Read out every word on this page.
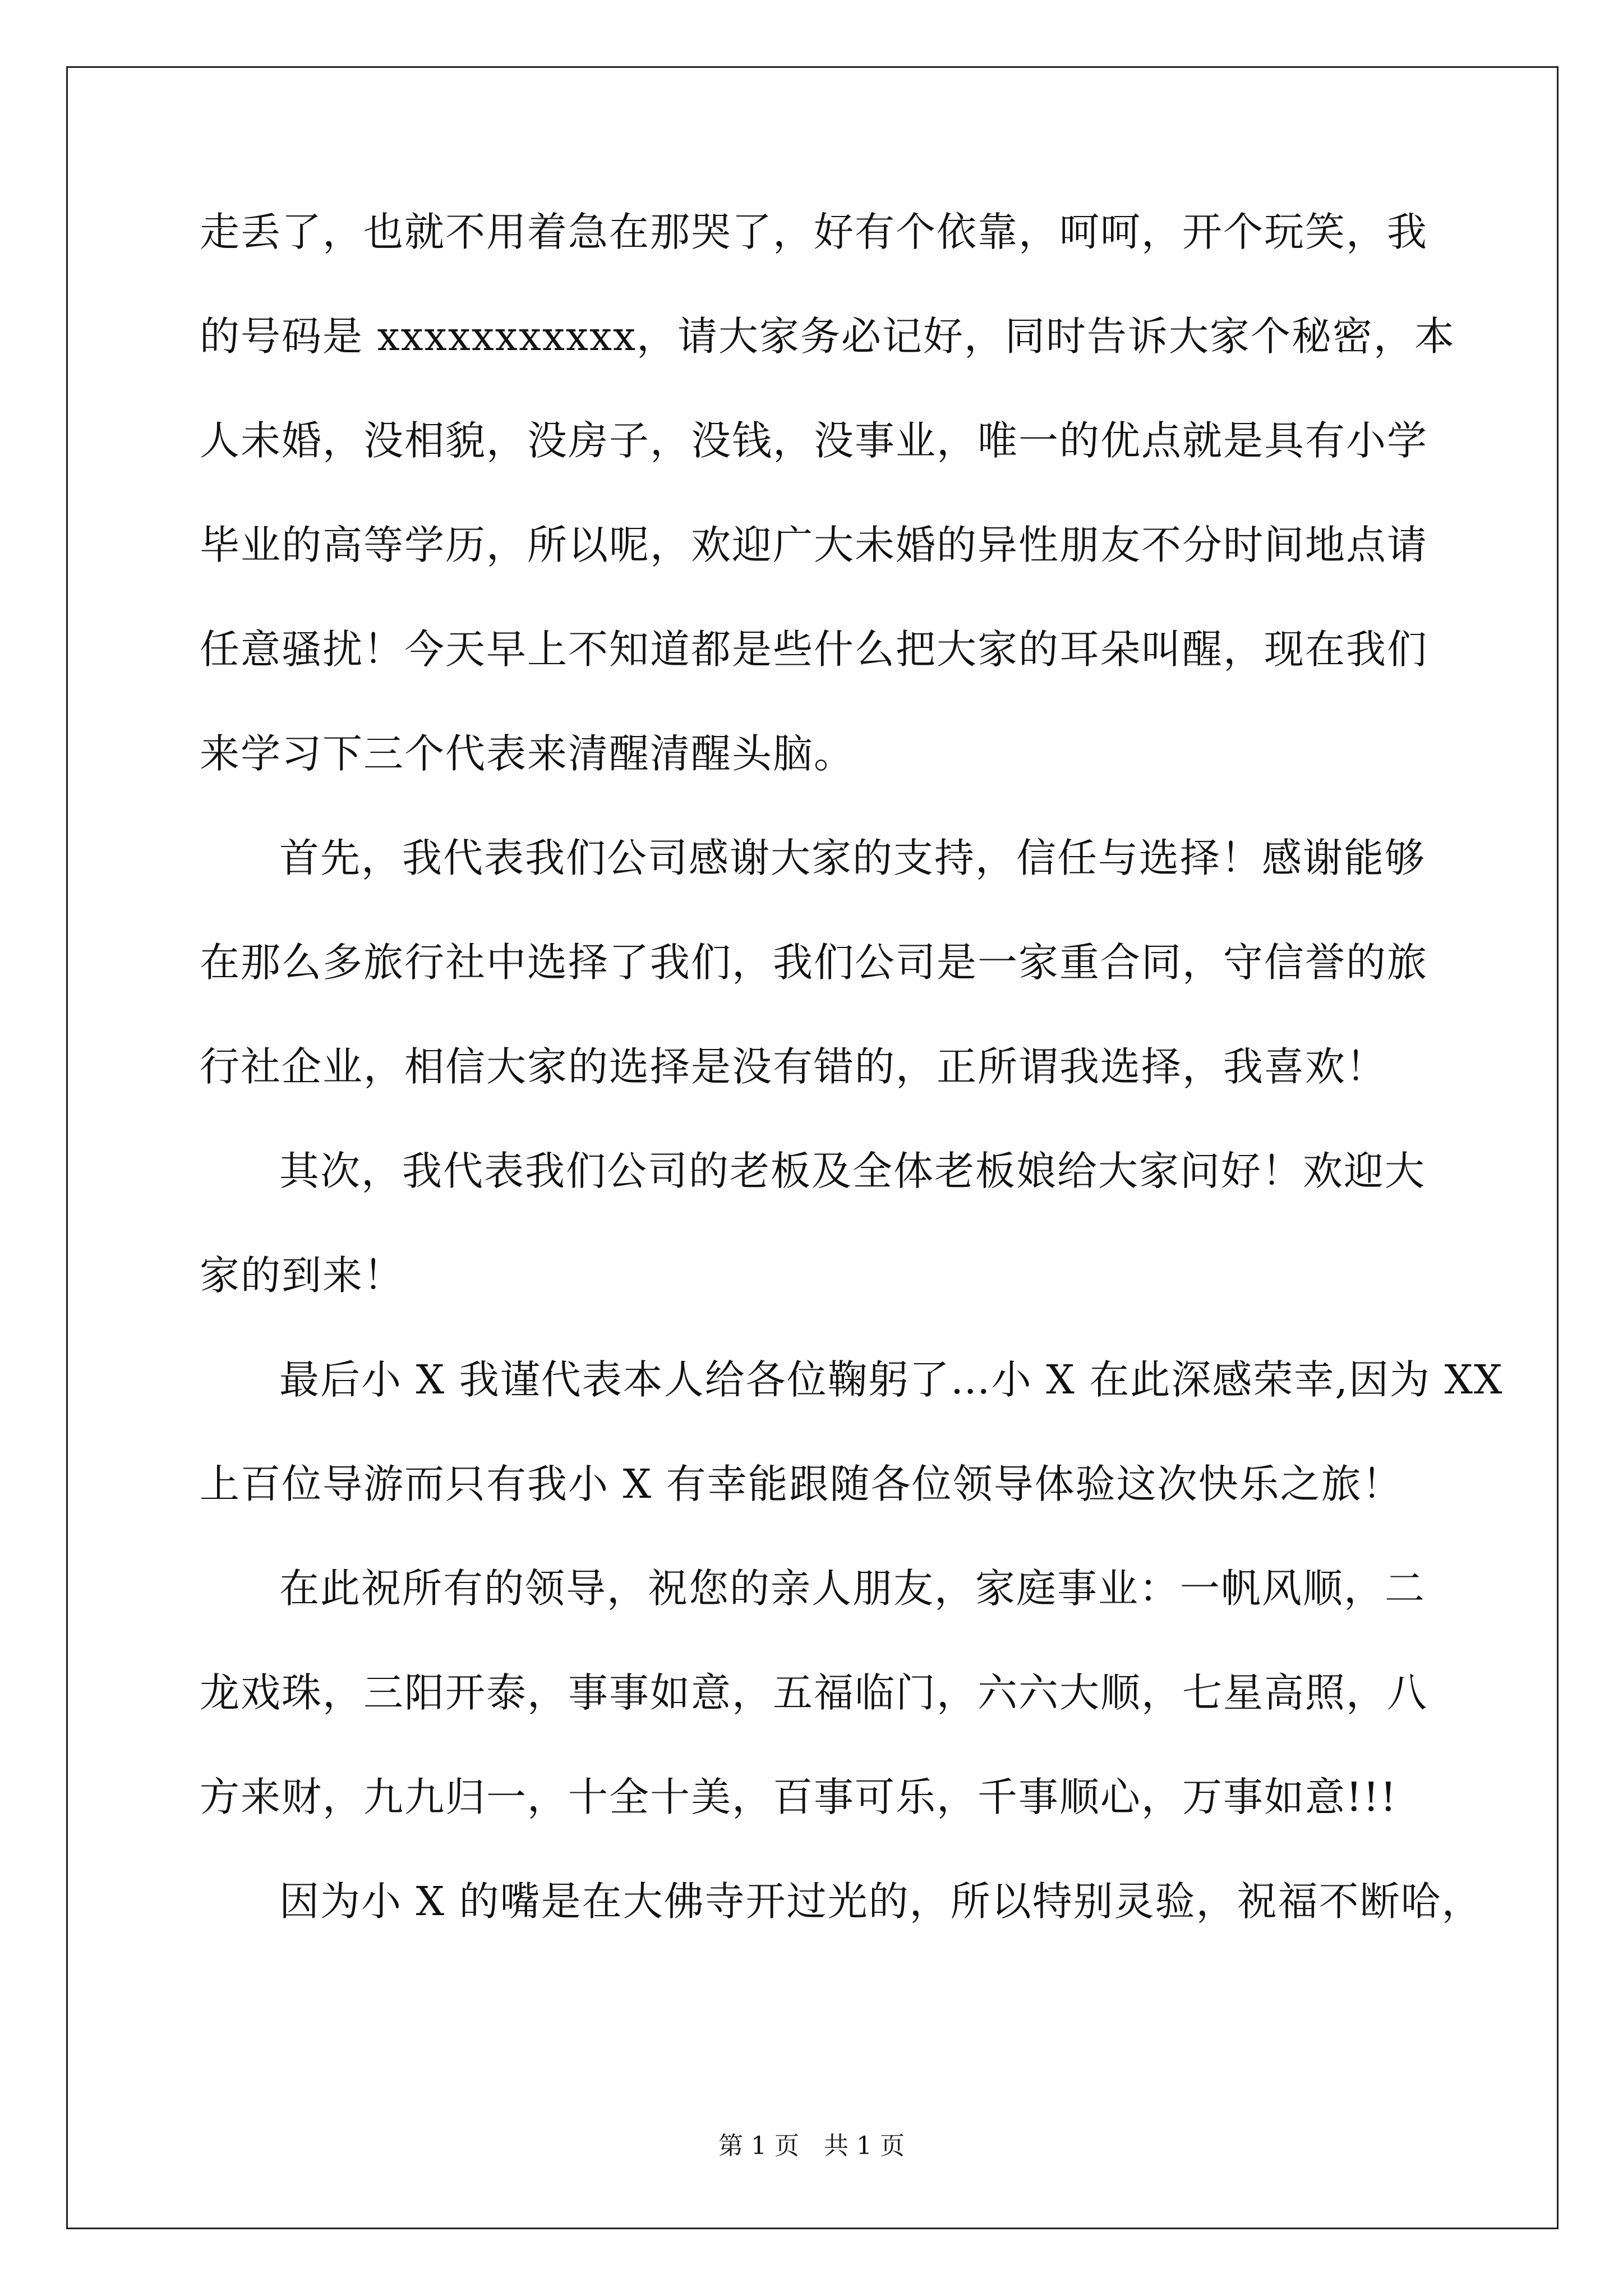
走丢了，也就不用着急在那哭了，好有个依靠，呵呵，开个玩笑，我
的号码是 xxxxxxxxxxx，请大家务必记好，同时告诉大家个秘密，本
人未婚，没相貌，没房子，没钱，没事业，唯一的优点就是具有小学
毕业的高等学历，所以呢，欢迎广大未婚的异性朋友不分时间地点请
任意骚扰！今天早上不知道都是些什么把大家的耳朵叫醒，现在我们
来学习下三个代表来清醒清醒头脑。
首先，我代表我们公司感谢大家的支持，信任与选择！感谢能够
在那么多旅行社中选择了我们，我们公司是一家重合同，守信誉的旅
行社企业，相信大家的选择是没有错的，正所谓我选择，我喜欢！
其次，我代表我们公司的老板及全体老板娘给大家问好！欢迎大
家的到来！
最后小 X 我谨代表本人给各位鞠躬了…小 X 在此深感荣幸,因为 XX
上百位导游而只有我小 X 有幸能跟随各位领导体验这次快乐之旅！
在此祝所有的领导，祝您的亲人朋友，家庭事业：一帆风顺，二
龙戏珠，三阳开泰，事事如意，五福临门，六六大顺，七星高照，八
方来财，九九归一，十全十美，百事可乐，千事顺心，万事如意!!!
因为小 X 的嘴是在大佛寺开过光的，所以特别灵验，祝福不断哈，
第 1 页　共 1 页
